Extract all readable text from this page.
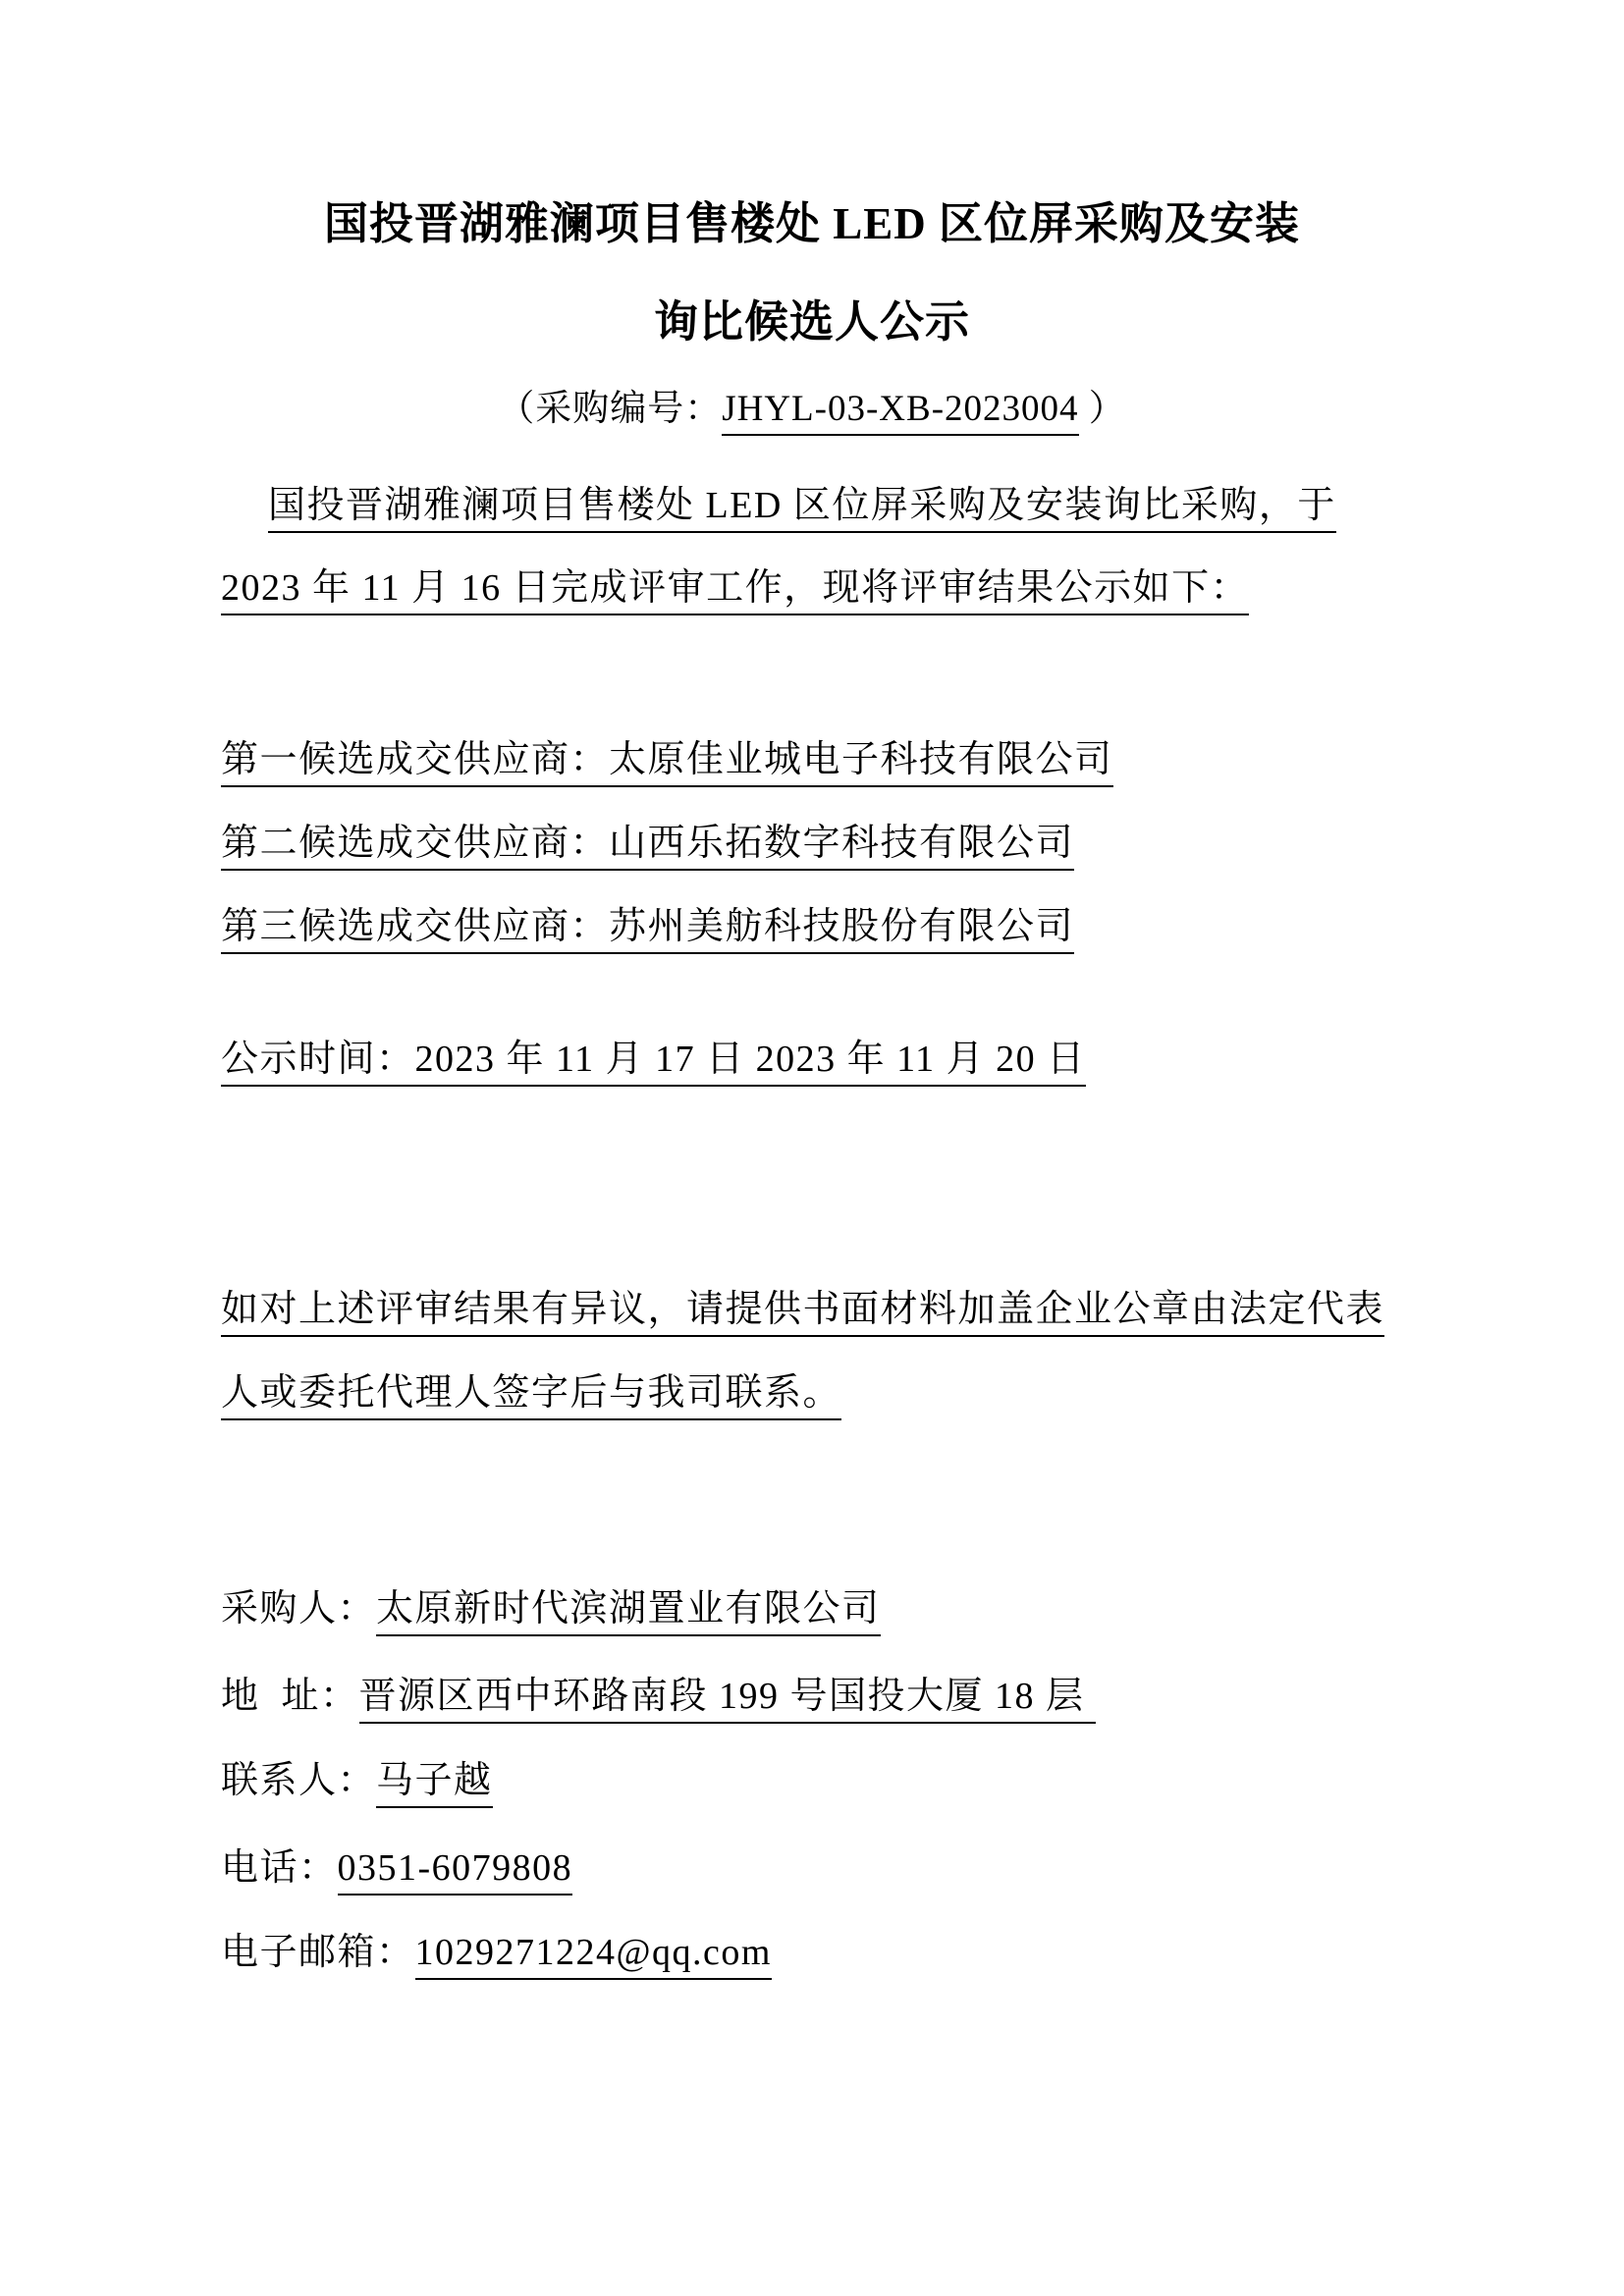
国投晋湖雅澜项目售楼处 LED 区位屏采购及安装
询比候选人公示
（采购编号：JHYL-03-XB-2023004 ）
国投晋湖雅澜项目售楼处 LED 区位屏采购及安装询比采购，于
2023 年 11 月 16 日完成评审工作，现将评审结果公示如下：
第一候选成交供应商：太原佳业城电子科技有限公司
第二候选成交供应商：山西乐拓数字科技有限公司
第三候选成交供应商：苏州美舫科技股份有限公司
公示时间：2023 年 11 月 17 日 2023 年 11 月 20 日
如对上述评审结果有异议，请提供书面材料加盖企业公章由法定代表
人或委托代理人签字后与我司联系。
采购人：太原新时代滨湖置业有限公司
地  址：晋源区西中环路南段 199 号国投大厦 18 层
联系人：马子越
电话：0351-6079808
电子邮箱：1029271224@qq.com
